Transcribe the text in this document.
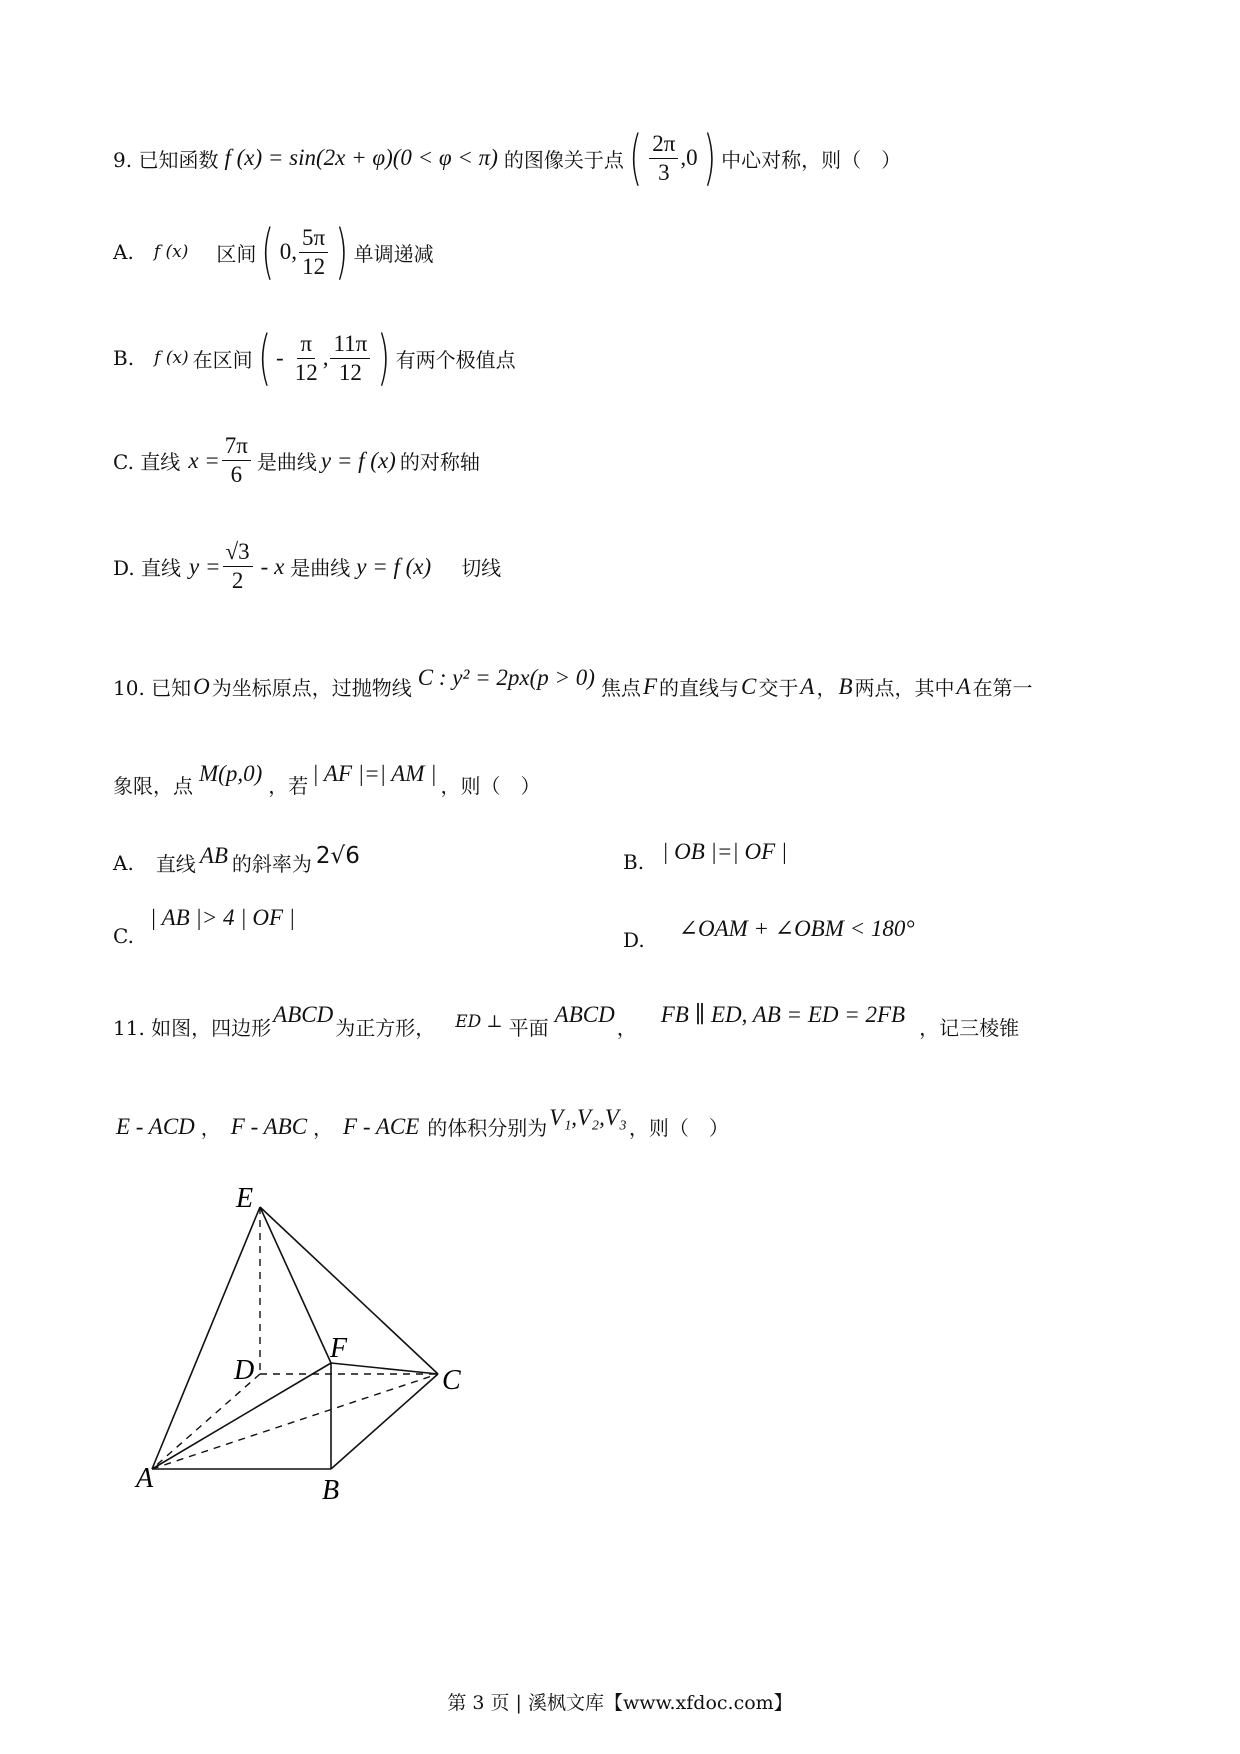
9. 已知函数 f (x) = sin(2x + φ)(0 < φ < π) 的图像关于点 ( $\frac{2\pi}{3} ,0$ ) 中心对称，则（　）
A. f (x) 区间 ( 0, $\frac{5\pi}{12}$ ) 单调递减
B. f (x) 在区间 ( - $\frac{\pi}{12}$ , $\frac{11\pi}{12}$ ) 有两个极值点
C. 直线 $x = \frac{7\pi}{6}$ 是曲线 y = f (x) 的对称轴
D. 直线 $y = \frac{√3}{2} - x$ 是曲线 y = f (x) 切线
10. 已知 O 为坐标原点，过抛物线 C : y² = 2px(p > 0) 焦点 F 的直线与 C 交于 A ， B 两点，其中 A 在第一
象限，点
M(p,0)
，若
| AF |=| AM |
，则（　）
A. 直线 AB 的斜率为 2√6	B. | OB |=| OF |
C.
| AB |> 4 | OF |
D. ∠OAM + ∠OBM < 180°
11. 如图，四边形
ABCD
为正方形， ED ⊥ 平面
ABCD
，
FB ∥ ED, AB = ED = 2FB
，记三棱锥
E - ACD ， F - ABC ， F - ACE 的体积分别为 V₁,V₂,V₃ ，则（　）
E
F
D	C
A	B
第 3 页 | 溪枫文库【www.xfdoc.com】
